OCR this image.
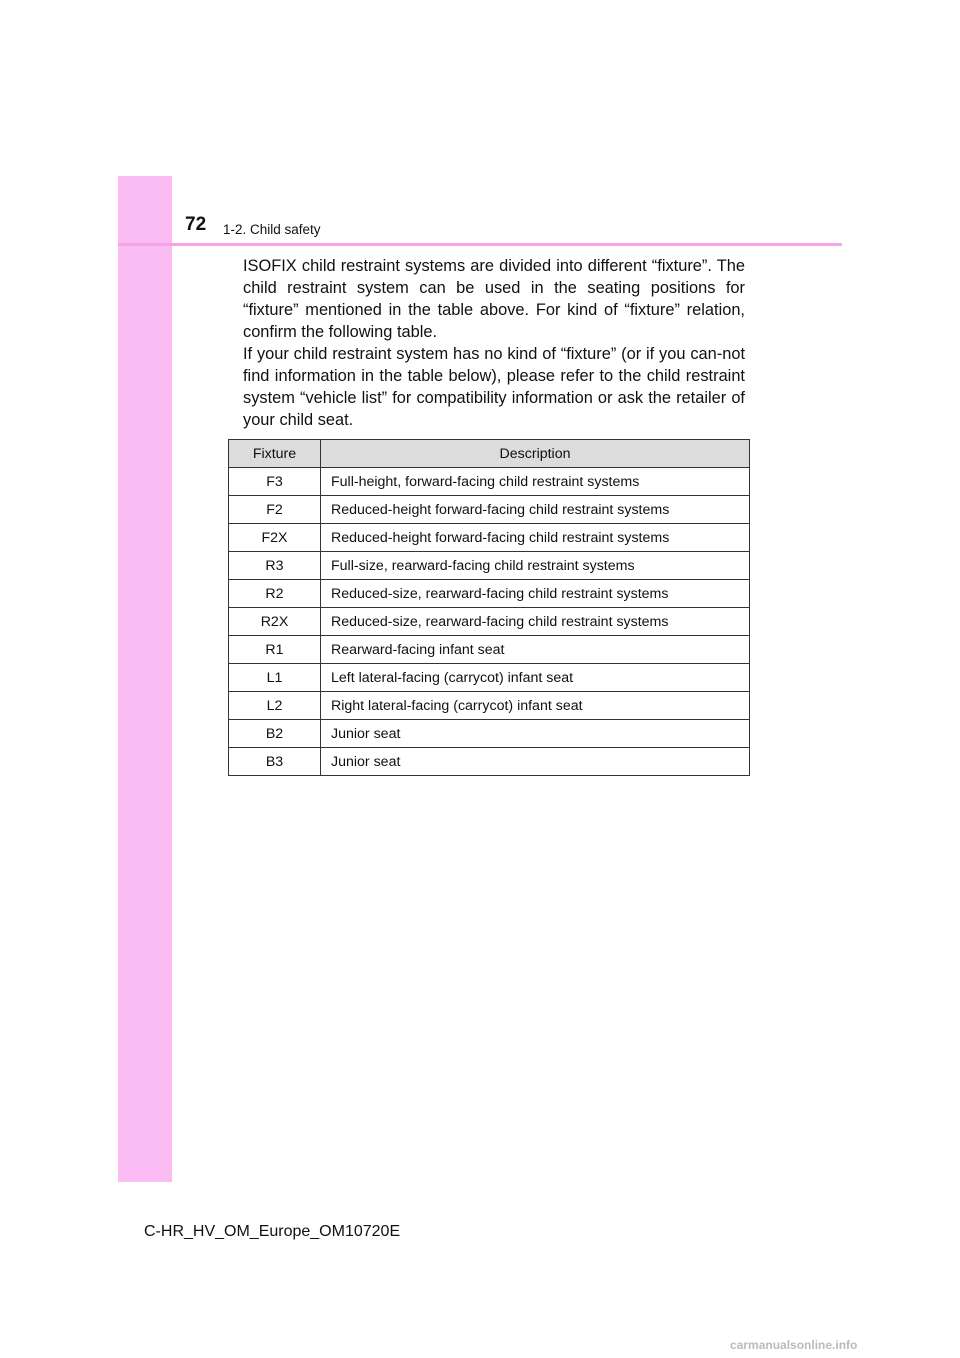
72 1-2. Child safety

ISOFIX child restraint systems are divided into different “fixture”. The child restraint system can be used in the seating positions for “fixture” mentioned in the table above. For kind of “fixture” relation, confirm the following table.
If your child restraint system has no kind of “fixture” (or if you can-not find information in the table below), please refer to the child restraint system “vehicle list” for compatibility information or ask the retailer of your child seat.

Fixture	Description
F3	Full-height, forward-facing child restraint systems
F2	Reduced-height forward-facing child restraint systems
F2X	Reduced-height forward-facing child restraint systems
R3	Full-size, rearward-facing child restraint systems
R2	Reduced-size, rearward-facing child restraint systems
R2X	Reduced-size, rearward-facing child restraint systems
R1	Rearward-facing infant seat
L1	Left lateral-facing (carrycot) infant seat
L2	Right lateral-facing (carrycot) infant seat
B2	Junior seat
B3	Junior seat
C-HR_HV_OM_Europe_OM10720E
carmanualsonline.info
